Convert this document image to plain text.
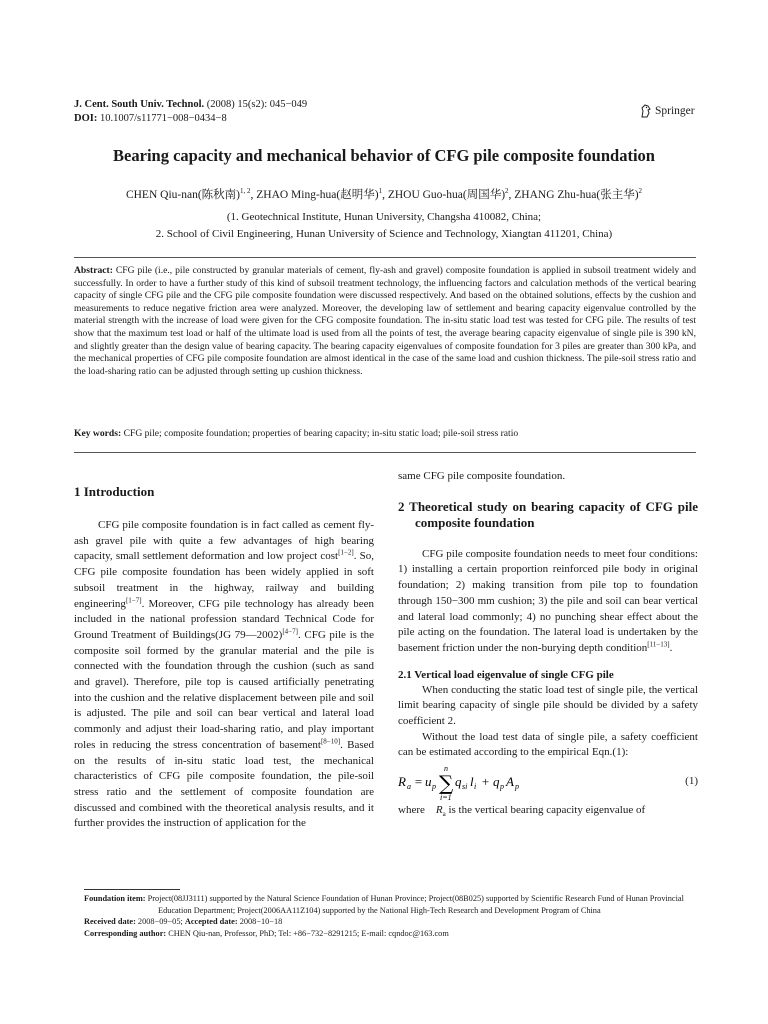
J. Cent. South Univ. Technol. (2008) 15(s2): 045−049
DOI: 10.1007/s11771−008−0434−8
Springer
Bearing capacity and mechanical behavior of CFG pile composite foundation
CHEN Qiu-nan(陈秋南)$^{1, 2}$, ZHAO Ming-hua(赵明华)$^1$, ZHOU Guo-hua(周国华)$^2$, ZHANG Zhu-hua(张主华)$^2$
(1. Geotechnical Institute, Hunan University, Changsha 410082, China;
2. School of Civil Engineering, Hunan University of Science and Technology, Xiangtan 411201, China)
Abstract: CFG pile (i.e., pile constructed by granular materials of cement, fly-ash and gravel) composite foundation is applied in subsoil treatment widely and successfully. In order to have a further study of this kind of subsoil treatment technology, the influencing factors and calculation methods of the vertical bearing capacity of single CFG pile and the CFG pile composite foundation were discussed respectively. And based on the obtained solutions, effects by the cushion and measurements to reduce negative friction area were analyzed. Moreover, the developing law of settlement and bearing capacity eigenvalue controlled by the material strength with the increase of load were given for the CFG composite foundation. The in-situ static load test was tested for CFG pile. The results of test show that the maximum test load or half of the ultimate load is used from all the points of test, the average bearing capacity eigenvalue of single pile is 390 kN, and slightly greater than the design value of bearing capacity. The bearing capacity eigenvalues of composite foundation for 3 piles are greater than 300 kPa, and the mechanical properties of CFG pile composite foundation are almost identical in the case of the same load and cushion thickness. The pile-soil stress ratio and the load-sharing ratio can be adjusted through setting up cushion thickness.
Key words: CFG pile; composite foundation; properties of bearing capacity; in-situ static load; pile-soil stress ratio
1 Introduction

CFG pile composite foundation is in fact called as cement fly-ash gravel pile with quite a few advantages of high bearing capacity, small settlement deformation and low project cost[1−2]. So, CFG pile composite foundation has been widely applied in soft subsoil treatment in the highway, railway and building engineering[1−7]. Moreover, CFG pile technology has already been included in the national profession standard Technical Code for Ground Treatment of Buildings(JG 79—2002)[4−7]. CFG pile is the composite soil formed by the granular material and the pile is connected with the foundation through the cushion (such as sand and gravel). Therefore, pile top is caused artificially penetrating into the cushion and the relative displacement between pile and soil is adjusted. The pile and soil can bear vertical and lateral load commonly and adjust their load-sharing ratio, and play important roles in reducing the stress concentration of basement[8−10]. Based on the results of in-situ static load test, the mechanical characteristics of CFG pile composite foundation, the pile-soil stress ratio and the settlement of composite foundation are discussed and combined with the theoretical analysis results, and it further provides the instruction of application for the

same CFG pile composite foundation.

2 Theoretical study on bearing capacity of CFG pile composite foundation

CFG pile composite foundation needs to meet four conditions: 1) installing a certain proportion reinforced pile body in original foundation; 2) making transition from pile top to foundation through 150−300 mm cushion; 3) the pile and soil can bear vertical and lateral load commonly; 4) no punching shear effect about the pile acting on the foundation. The lateral load is undertaken by the basement friction under the non-burying depth condition[11−13].

2.1 Vertical load eigenvalue of single CFG pile

When conducting the static load test of single pile, the vertical limit bearing capacity of single pile should be divided by a safety coefficient 2.

Without the load test data of single pile, a safety coefficient can be estimated according to the empirical Eqn.(1):

R a = u p ∑
n
i=1
q si l i + q p A p	(1)

where $R_a$ is the vertical bearing capacity eigenvalue of

Foundation item: Project(08JJ3111) supported by the Natural Science Foundation of Hunan Province; Project(08B025) supported by Scientific Research Fund of Hunan Provincial Education Department; Project(2006AA11Z104) supported by the National High-Tech Research and Development Program of China

Received date: 2008−09−05; Accepted date: 2008−10−18

Corresponding author: CHEN Qiu-nan, Professor, PhD; Tel: +86−732−8291215; E-mail: cqndoc@163.com
